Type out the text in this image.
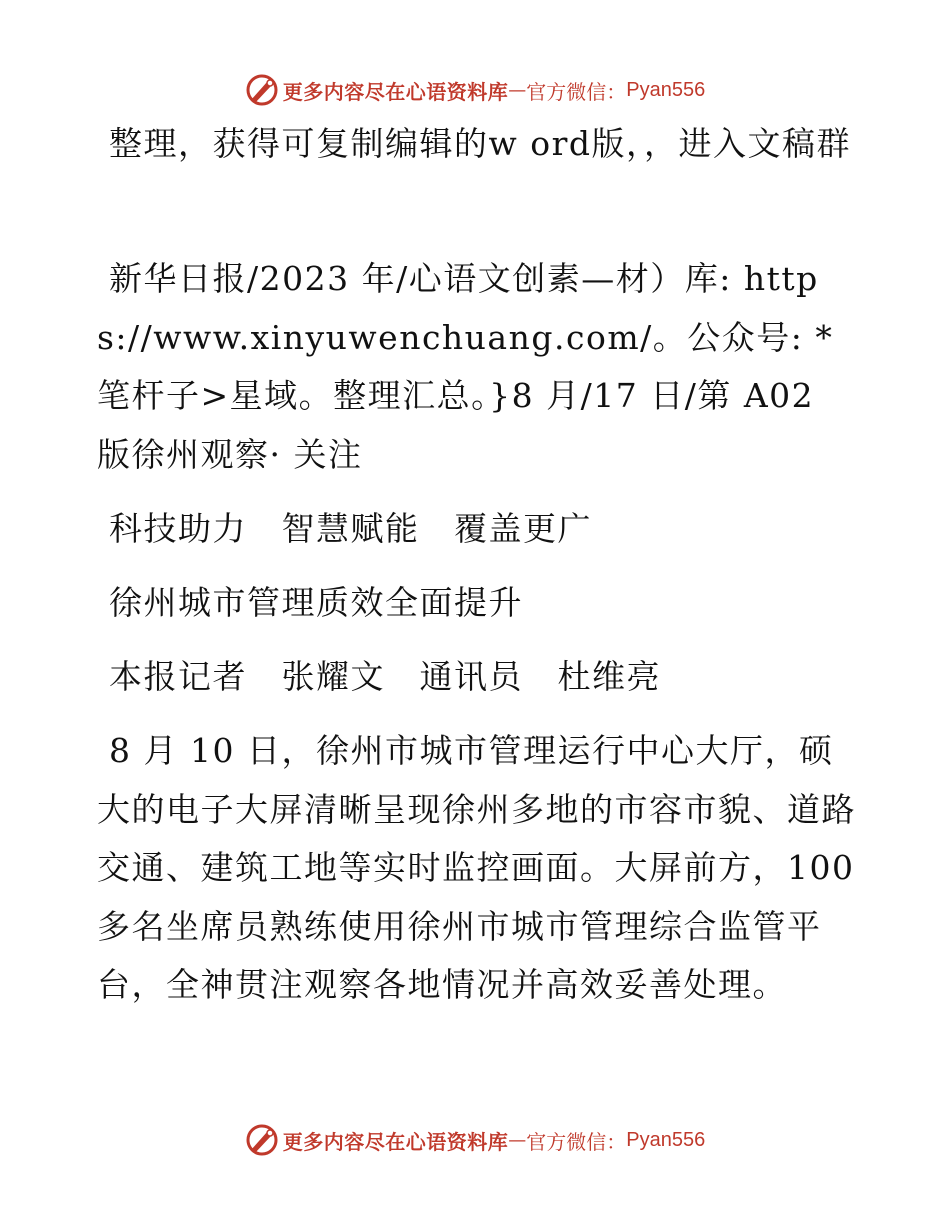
更多内容尽在心语资料库 — 官方微信： Pyan556
整理，获得可复制编辑的w ord版，，进入文稿群
新华日报/2023 年/心语文创素—材）库: https://www.xinyuwenchuang.com/。公众号: *笔杆子>星域。整理汇总。}8 月/17 日/第 A02 版徐州观察· 关注
科技助力　智慧赋能　覆盖更广
徐州城市管理质效全面提升
本报记者　张耀文　通讯员　杜维亮
8 月 10 日，徐州市城市管理运行中心大厅，硕大的电子大屏清晰呈现徐州多地的市容市貌、道路交通、建筑工地等实时监控画面。大屏前方，100多名坐席员熟练使用徐州市城市管理综合监管平台，全神贯注观察各地情况并高效妥善处理。
更多内容尽在心语资料库 — 官方微信： Pyan556
